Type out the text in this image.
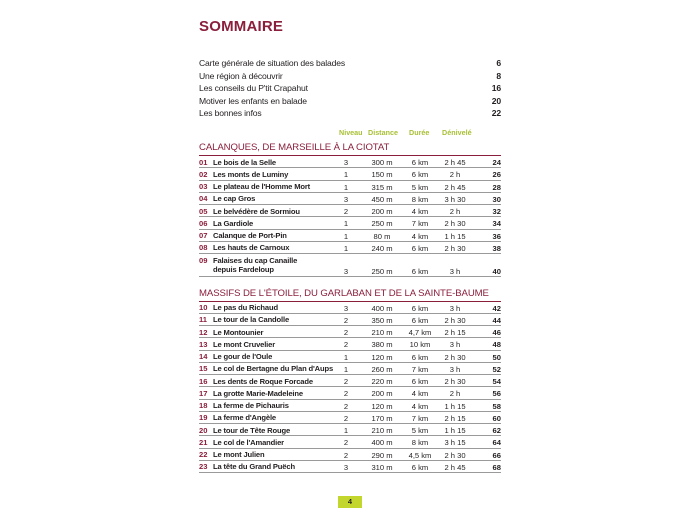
SOMMAIRE
Carte générale de situation des balades	6
Une région à découvrir	8
Les conseils du P'tit Crapahut	16
Motiver les enfants en balade	20
Les bonnes infos	22
Niveau Distance Durée Dénivelé
CALANQUES, DE MARSEILLE À LA CIOTAT
01 Le bois de la Selle	3	300 m	6 km	2 h 45	24
02 Les monts de Luminy	1	150 m	6 km	2 h	26
03 Le plateau de l'Homme Mort	1	315 m	5 km	2 h 45	28
04 Le cap Gros	3	450 m	8 km	3 h 30	30
05 Le belvédère de Sormiou	2	200 m	4 km	2 h	32
06 La Gardiole	1	250 m	7 km	2 h 30	34
07 Calanque de Port-Pin	1	80 m	4 km	1 h 15	36
08 Les hauts de Carnoux	1	240 m	6 km	2 h 30	38
09 Falaises du cap Canaille
depuis Fardeloup	3	250 m	6 km	3 h	40
MASSIFS DE L'ÉTOILE, DU GARLABAN ET DE LA SAINTE-BAUME
10 Le pas du Richaud	3	400 m	6 km	3 h	42
11 Le tour de la Candolle	2	350 m	6 km	2 h 30	44
12 Le Montounier	2	210 m	4,7 km	2 h 15	46
13 Le mont Cruvelier	2	380 m	10 km	3 h	48
14 Le gour de l'Oule	1	120 m	6 km	2 h 30	50
15 Le col de Bertagne du Plan d'Aups	1	260 m	7 km	3 h	52
16 Les dents de Roque Forcade	2	220 m	6 km	2 h 30	54
17 La grotte Marie-Madeleine	2	200 m	4 km	2 h	56
18 La ferme de Pichauris	2	120 m	4 km	1 h 15	58
19 La ferme d'Angèle	2	170 m	7 km	2 h 15	60
20 Le tour de Tête Rouge	1	210 m	5 km	1 h 15	62
21 Le col de l'Amandier	2	400 m	8 km	3 h 15	64
22 Le mont Julien	2	290 m	4,5 km	2 h 30	66
23 La tête du Grand Puëch	3	310 m	6 km	2 h 45	68
4
